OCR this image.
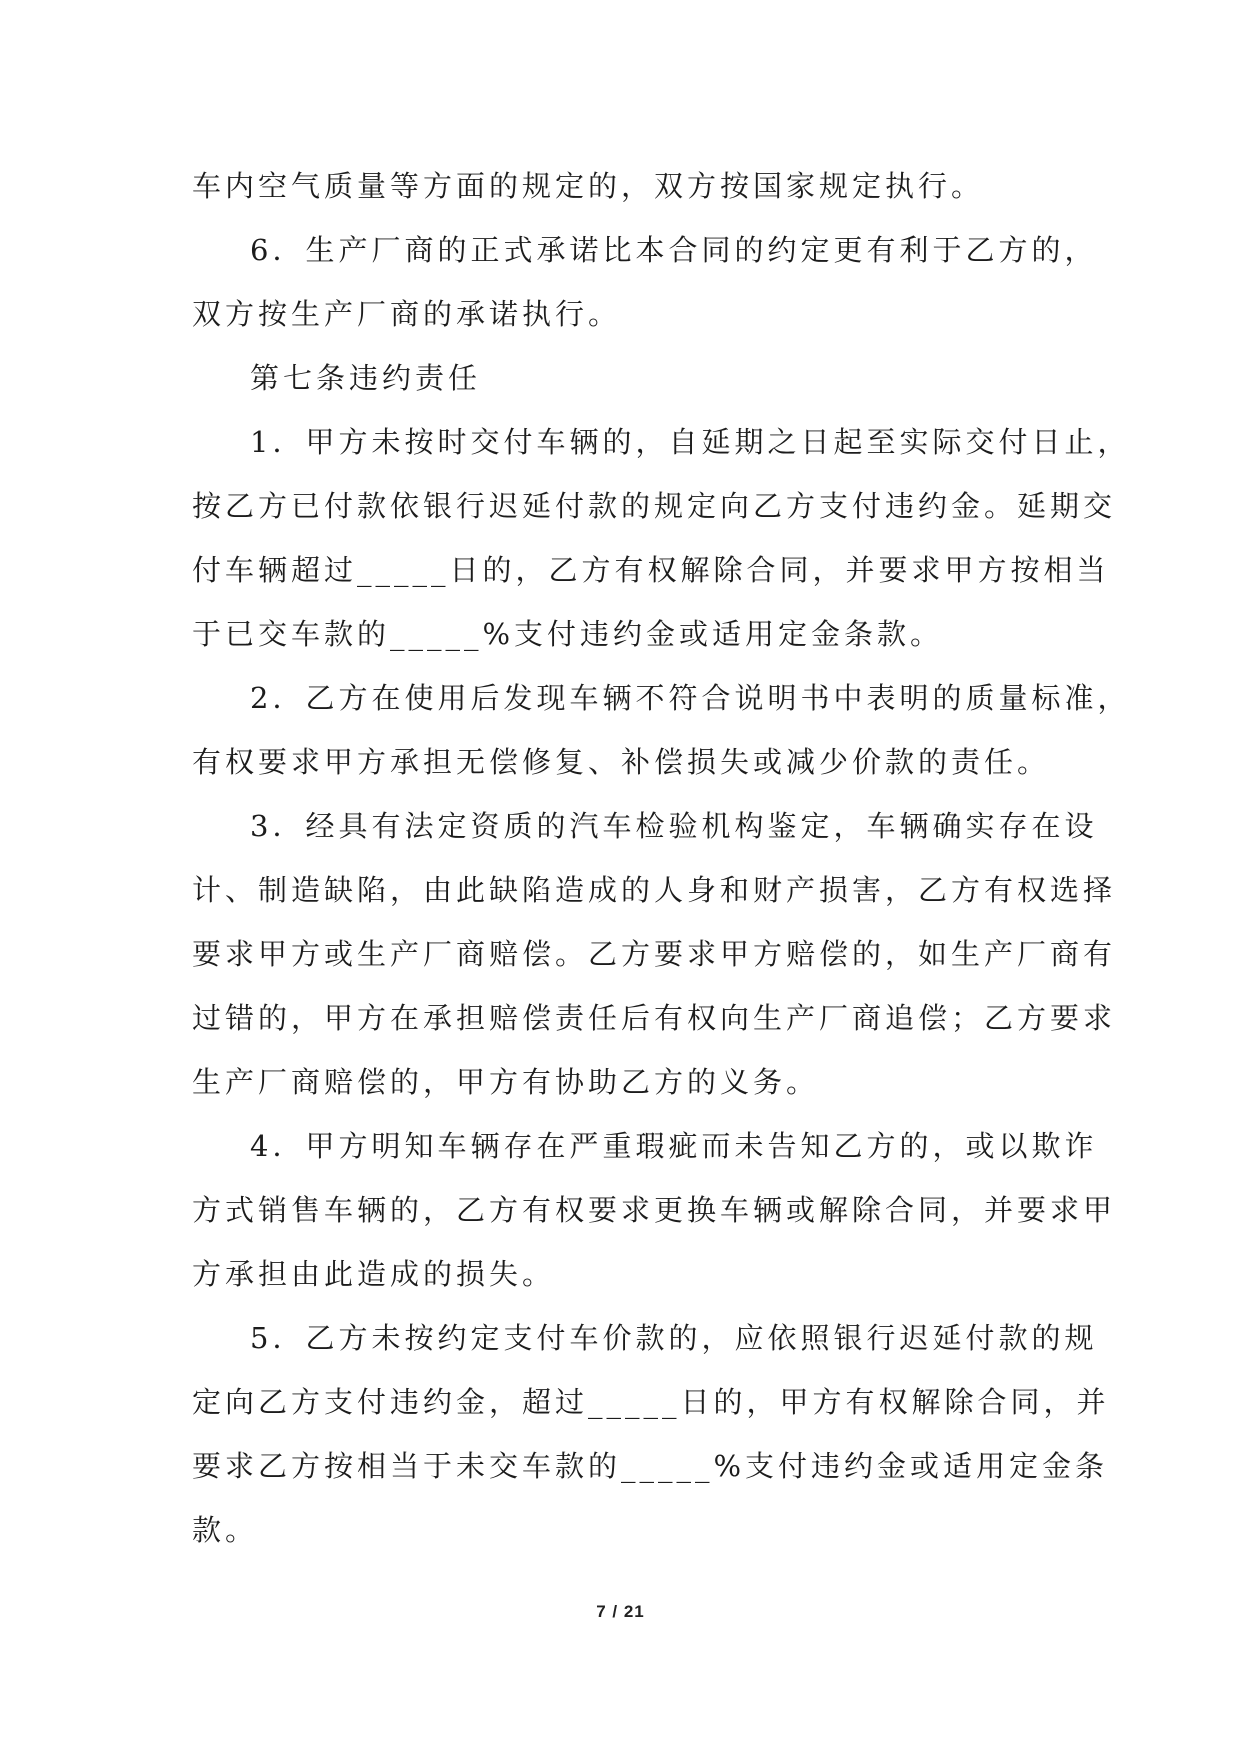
车内空气质量等方面的规定的，双方按国家规定执行。
6．生产厂商的正式承诺比本合同的约定更有利于乙方的，
双方按生产厂商的承诺执行。
第七条违约责任
1．甲方未按时交付车辆的，自延期之日起至实际交付日止，
按乙方已付款依银行迟延付款的规定向乙方支付违约金。延期交
付车辆超过_____日的，乙方有权解除合同，并要求甲方按相当
于已交车款的_____%支付违约金或适用定金条款。
2．乙方在使用后发现车辆不符合说明书中表明的质量标准，
有权要求甲方承担无偿修复、补偿损失或减少价款的责任。
3．经具有法定资质的汽车检验机构鉴定，车辆确实存在设
计、制造缺陷，由此缺陷造成的人身和财产损害，乙方有权选择
要求甲方或生产厂商赔偿。乙方要求甲方赔偿的，如生产厂商有
过错的，甲方在承担赔偿责任后有权向生产厂商追偿；乙方要求
生产厂商赔偿的，甲方有协助乙方的义务。
4．甲方明知车辆存在严重瑕疵而未告知乙方的，或以欺诈
方式销售车辆的，乙方有权要求更换车辆或解除合同，并要求甲
方承担由此造成的损失。
5．乙方未按约定支付车价款的，应依照银行迟延付款的规
定向乙方支付违约金，超过_____日的，甲方有权解除合同，并
要求乙方按相当于未交车款的_____%支付违约金或适用定金条
款。
7 / 21
